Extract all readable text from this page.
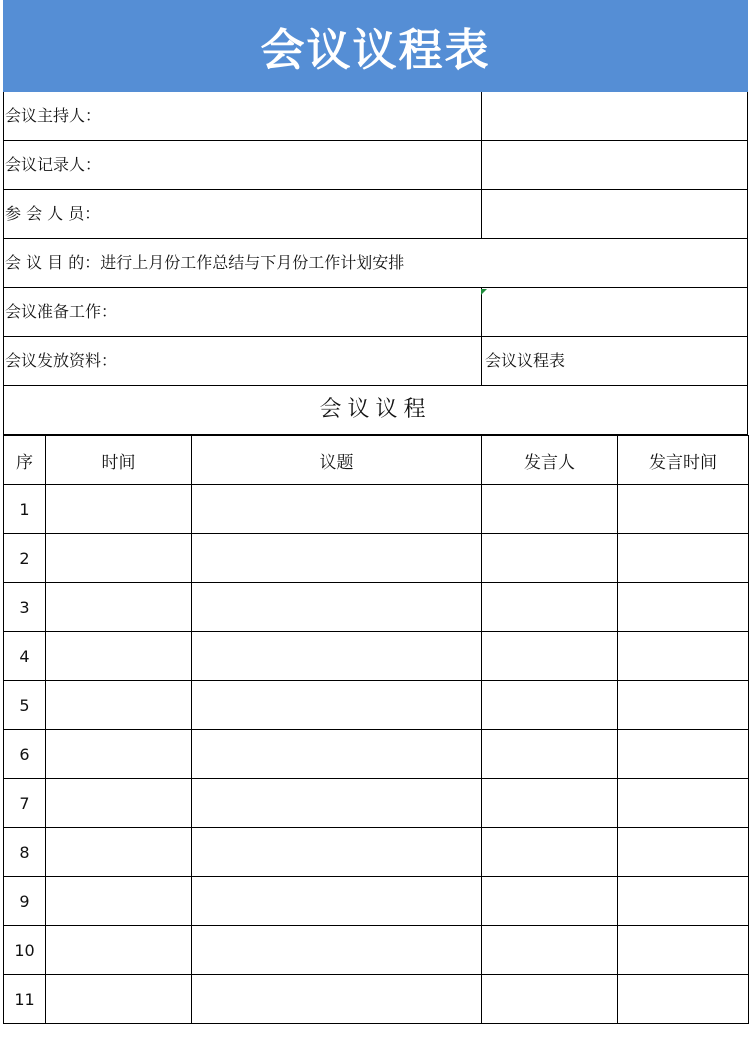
会议议程表
会议主持人：
会议记录人：
参 会 人 员：
会 议 目 的：进行上月份工作总结与下月份工作计划安排
会议准备工作：
会议发放资料：	会议议程表
会议议程
序	时间	议题	发言人	发言时间
1				
2				
3				
4				
5				
6				
7				
8				
9				
10				
11				
